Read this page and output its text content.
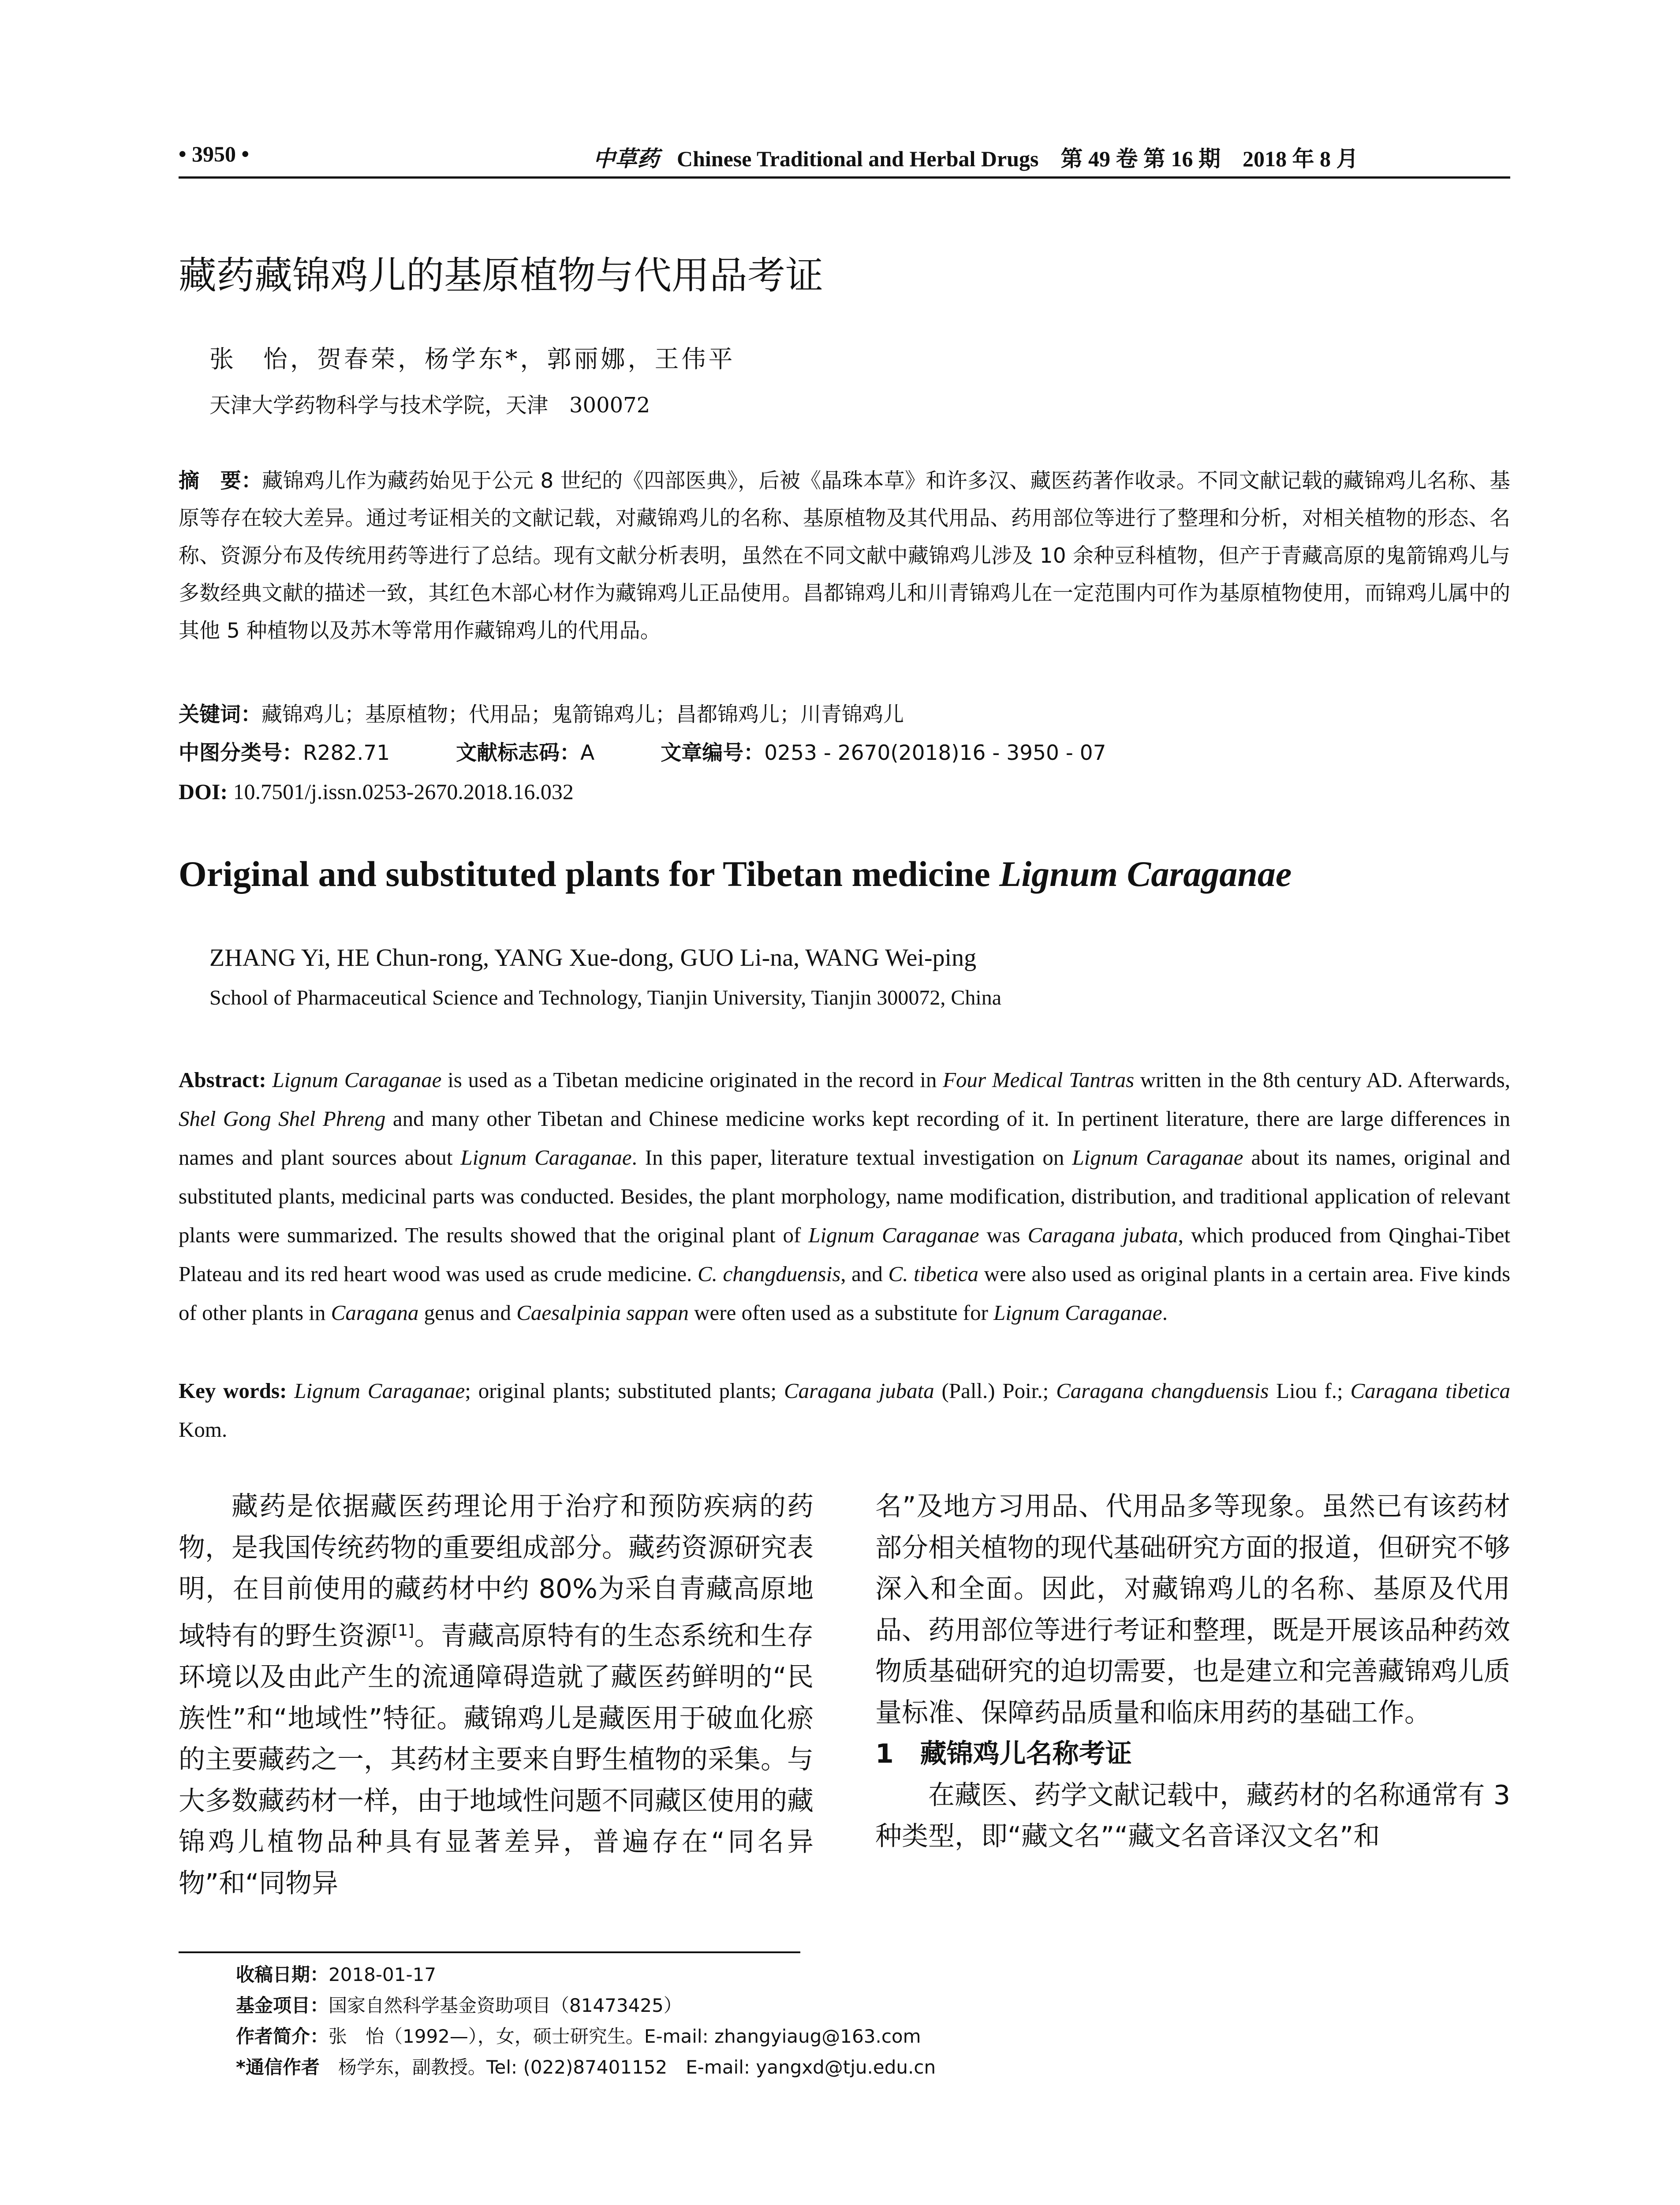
• 3950 •	中草药 Chinese Traditional and Herbal Drugs　第 49 卷 第 16 期　2018 年 8 月
藏药藏锦鸡儿的基原植物与代用品考证
张　怡，贺春荣，杨学东*，郭丽娜，王伟平
天津大学药物科学与技术学院，天津　300072
摘　要：藏锦鸡儿作为藏药始见于公元 8 世纪的《四部医典》，后被《晶珠本草》和许多汉、藏医药著作收录。不同文献记载的藏锦鸡儿名称、基原等存在较大差异。通过考证相关的文献记载，对藏锦鸡儿的名称、基原植物及其代用品、药用部位等进行了整理和分析，对相关植物的形态、名称、资源分布及传统用药等进行了总结。现有文献分析表明，虽然在不同文献中藏锦鸡儿涉及 10 余种豆科植物，但产于青藏高原的鬼箭锦鸡儿与多数经典文献的描述一致，其红色木部心材作为藏锦鸡儿正品使用。昌都锦鸡儿和川青锦鸡儿在一定范围内可作为基原植物使用，而锦鸡儿属中的其他 5 种植物以及苏木等常用作藏锦鸡儿的代用品。
关键词：藏锦鸡儿；基原植物；代用品；鬼箭锦鸡儿；昌都锦鸡儿；川青锦鸡儿
中图分类号：R282.71	文献标志码：A	文章编号：0253 - 2670(2018)16 - 3950 - 07
DOI: 10.7501/j.issn.0253-2670.2018.16.032
Original and substituted plants for Tibetan medicine Lignum Caraganae
ZHANG Yi, HE Chun-rong, YANG Xue-dong, GUO Li-na, WANG Wei-ping
School of Pharmaceutical Science and Technology, Tianjin University, Tianjin 300072, China
Abstract: Lignum Caraganae is used as a Tibetan medicine originated in the record in Four Medical Tantras written in the 8th century AD. Afterwards, Shel Gong Shel Phreng and many other Tibetan and Chinese medicine works kept recording of it. In pertinent literature, there are large differences in names and plant sources about Lignum Caraganae. In this paper, literature textual investigation on Lignum Caraganae about its names, original and substituted plants, medicinal parts was conducted. Besides, the plant morphology, name modification, distribution, and traditional application of relevant plants were summarized. The results showed that the original plant of Lignum Caraganae was Caragana jubata, which produced from Qinghai-Tibet Plateau and its red heart wood was used as crude medicine. C. changduensis, and C. tibetica were also used as original plants in a certain area. Five kinds of other plants in Caragana genus and Caesalpinia sappan were often used as a substitute for Lignum Caraganae.
Key words: Lignum Caraganae; original plants; substituted plants; Caragana jubata (Pall.) Poir.; Caragana changduensis Liou f.; Caragana tibetica Kom.

藏药是依据藏医药理论用于治疗和预防疾病的药物，是我国传统药物的重要组成部分。藏药资源研究表明，在目前使用的藏药材中约 80%为采自青藏高原地域特有的野生资源[1]。青藏高原特有的生态系统和生存环境以及由此产生的流通障碍造就了藏医药鲜明的“民族性”和“地域性”特征。藏锦鸡儿是藏医用于破血化瘀的主要藏药之一，其药材主要来自野生植物的采集。与大多数藏药材一样，由于地域性问题不同藏区使用的藏锦鸡儿植物品种具有显著差异，普遍存在“同名异物”和“同物异

名”及地方习用品、代用品多等现象。虽然已有该药材部分相关植物的现代基础研究方面的报道，但研究不够深入和全面。因此，对藏锦鸡儿的名称、基原及代用品、药用部位等进行考证和整理，既是开展该品种药效物质基础研究的迫切需要，也是建立和完善藏锦鸡儿质量标准、保障药品质量和临床用药的基础工作。

1　藏锦鸡儿名称考证

在藏医、药学文献记载中，藏药材的名称通常有 3 种类型，即“藏文名”“藏文名音译汉文名”和

收稿日期：2018-01-17
基金项目：国家自然科学基金资助项目（81473425）
作者简介：张　怡（1992—），女，硕士研究生。E-mail: zhangyiaug@163.com
*通信作者　杨学东，副教授。Tel: (022)87401152　E-mail: yangxd@tju.edu.cn
